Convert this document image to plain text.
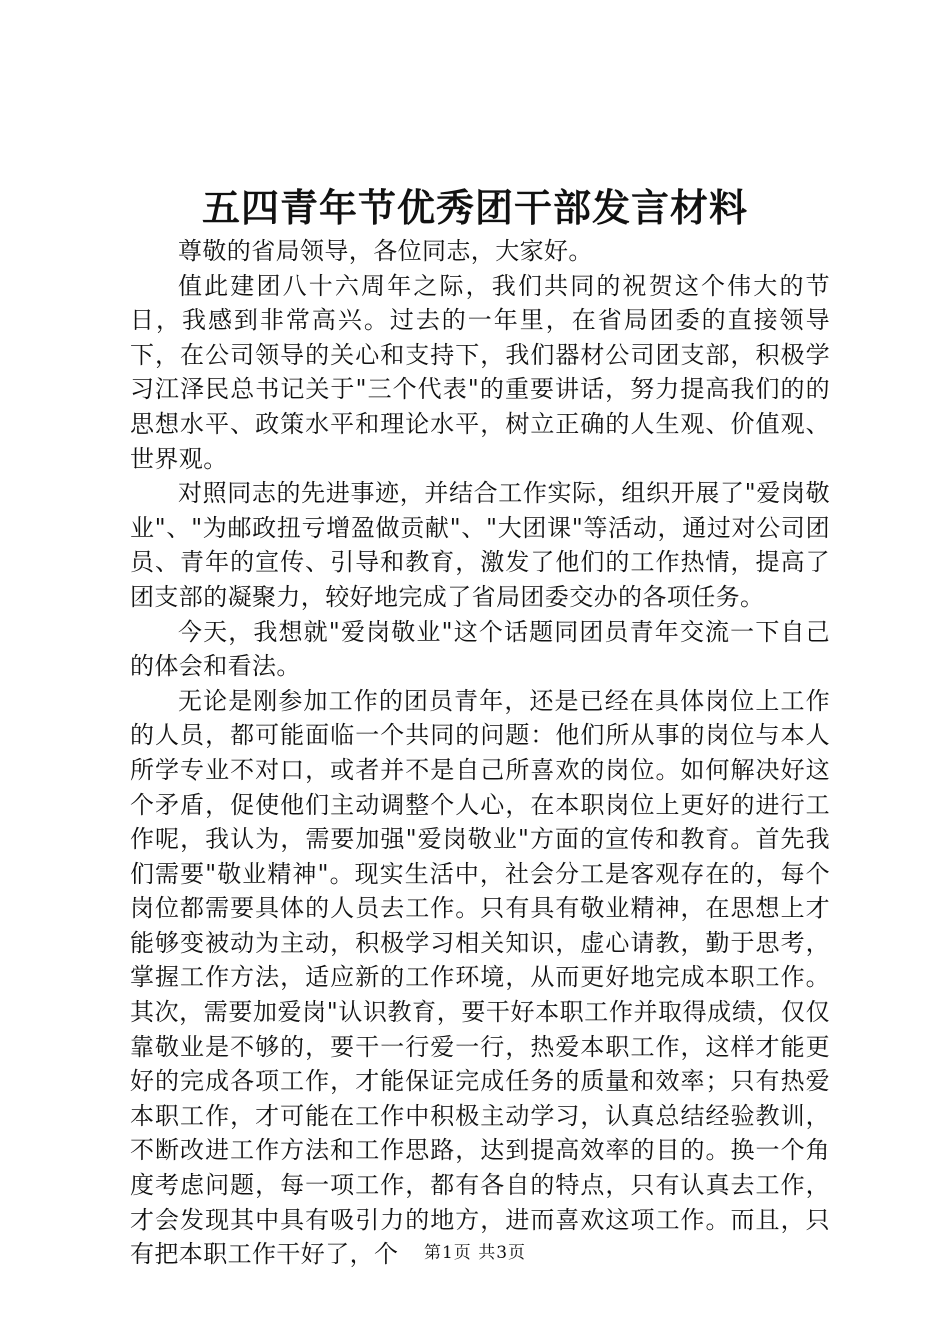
五四青年节优秀团干部发言材料

尊敬的省局领导，各位同志，大家好。

值此建团八十六周年之际，我们共同的祝贺这个伟大的节日，我感到非常高兴。过去的一年里，在省局团委的直接领导下，在公司领导的关心和支持下，我们器材公司团支部，积极学习江泽民总书记关于"三个代表"的重要讲话，努力提高我们的的思想水平、政策水平和理论水平，树立正确的人生观、价值观、世界观。

对照同志的先进事迹，并结合工作实际，组织开展了"爱岗敬业"、"为邮政扭亏增盈做贡献"、"大团课"等活动，通过对公司团员、青年的宣传、引导和教育，激发了他们的工作热情，提高了团支部的凝聚力，较好地完成了省局团委交办的各项任务。

今天，我想就"爱岗敬业"这个话题同团员青年交流一下自己的体会和看法。

无论是刚参加工作的团员青年，还是已经在具体岗位上工作的人员，都可能面临一个共同的问题：他们所从事的岗位与本人所学专业不对口，或者并不是自己所喜欢的岗位。如何解决好这个矛盾，促使他们主动调整个人心，在本职岗位上更好的进行工作呢，我认为，需要加强"爱岗敬业"方面的宣传和教育。首先我们需要"敬业精神"。现实生活中，社会分工是客观存在的，每个岗位都需要具体的人员去工作。只有具有敬业精神，在思想上才能够变被动为主动，积极学习相关知识，虚心请教，勤于思考，掌握工作方法，适应新的工作环境，从而更好地完成本职工作。其次，需要加爱岗"认识教育，要干好本职工作并取得成绩，仅仅靠敬业是不够的，要干一行爱一行，热爱本职工作，这样才能更好的完成各项工作，才能保证完成任务的质量和效率；只有热爱本职工作，才可能在工作中积极主动学习，认真总结经验教训，不断改进工作方法和工作思路，达到提高效率的目的。换一个角度考虑问题，每一项工作，都有各自的特点，只有认真去工作，才会发现其中具有吸引力的地方，进而喜欢这项工作。而且，只有把本职工作干好了，个	第1页 共3页
